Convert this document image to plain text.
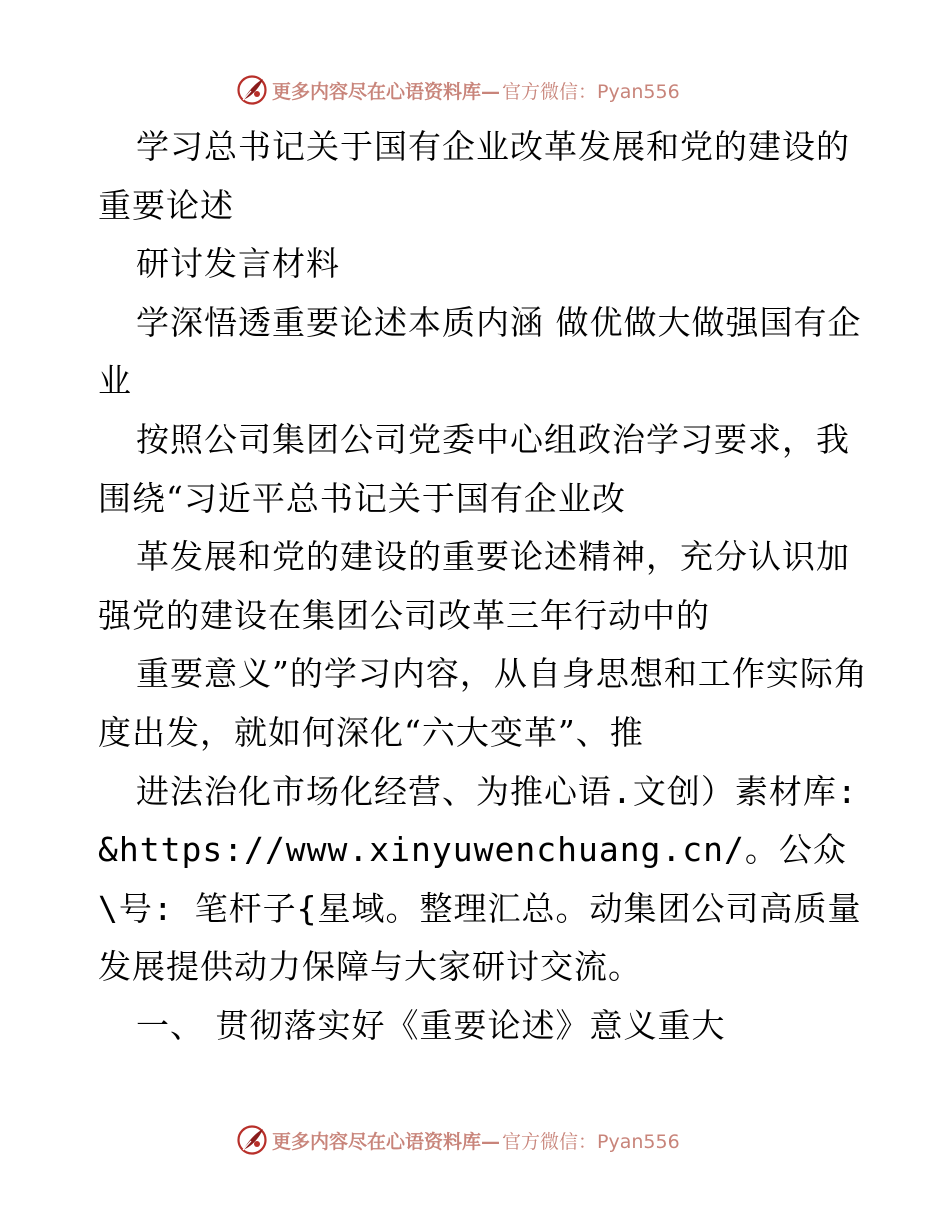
更多内容尽在心语资料库— 官方微信：Pyan556

学习总书记关于国有企业改革发展和党的建设的重要论述

研讨发言材料

学深悟透重要论述本质内涵 做优做大做强国有企业

按照公司集团公司党委中心组政治学习要求，我围绕“习近平总书记关于国有企业改

革发展和党的建设的重要论述精神，充分认识加强党的建设在集团公司改革三年行动中的

重要意义”的学习内容，从自身思想和工作实际角度出发，就如何深化“六大变革”、推

进法治化市场化经营、为推心语.文创）素材库: &https://www.xinyuwenchuang.cn/。公众\号: 笔杆子{星域。整理汇总。动集团公司高质量发展提供动力保障与大家研讨交流。

一、 贯彻落实好《重要论述》意义重大

更多内容尽在心语资料库— 官方微信：Pyan556
